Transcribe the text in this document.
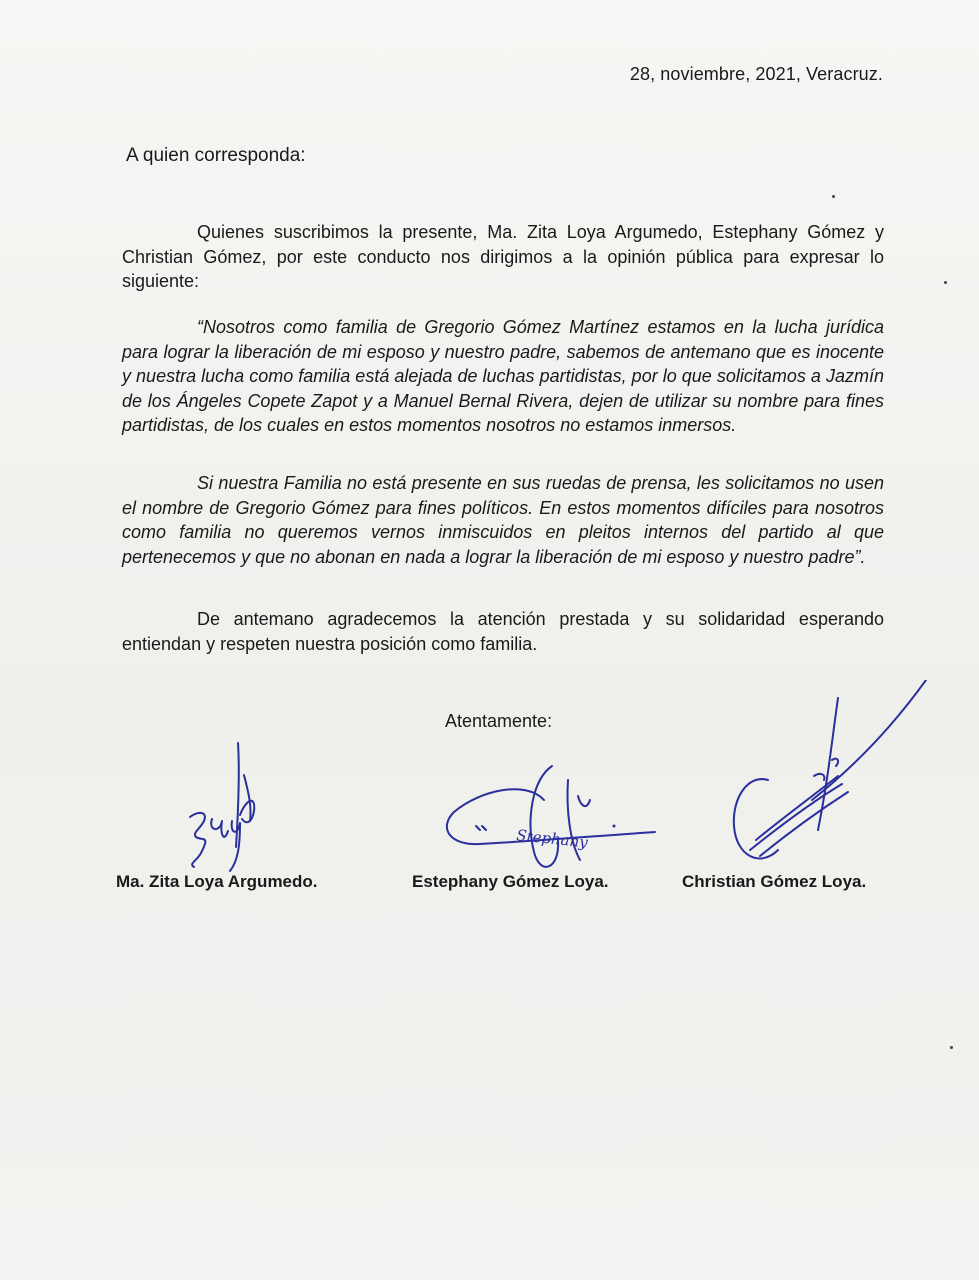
28, noviembre, 2021, Veracruz.
A quien corresponda:
Quienes suscribimos la presente, Ma. Zita Loya Argumedo, Estephany Gómez y Christian Gómez, por este conducto nos dirigimos a la opinión pública para expresar lo siguiente:
“Nosotros como familia de Gregorio Gómez Martínez estamos en la lucha jurídica para lograr la liberación de mi esposo y nuestro padre, sabemos de antemano que es inocente y nuestra lucha como familia está alejada de luchas partidistas, por lo que solicitamos a Jazmín de los Ángeles Copete Zapot y a Manuel Bernal Rivera, dejen de utilizar su nombre para fines partidistas, de los cuales en estos momentos nosotros no estamos inmersos.
Si nuestra Familia no está presente en sus ruedas de prensa, les solicitamos no usen el nombre de Gregorio Gómez para fines políticos. En estos momentos difíciles para nosotros como familia no queremos vernos inmiscuidos en pleitos internos del partido al que pertenecemos y que no abonan en nada a lograr la liberación de mi esposo y nuestro padre”.
De antemano agradecemos la atención prestada y su solidaridad esperando entiendan y respeten nuestra posición como familia.
Atentamente:
Stephany
Ma. Zita Loya Argumedo.	Estephany Gómez Loya.	Christian Gómez Loya.
